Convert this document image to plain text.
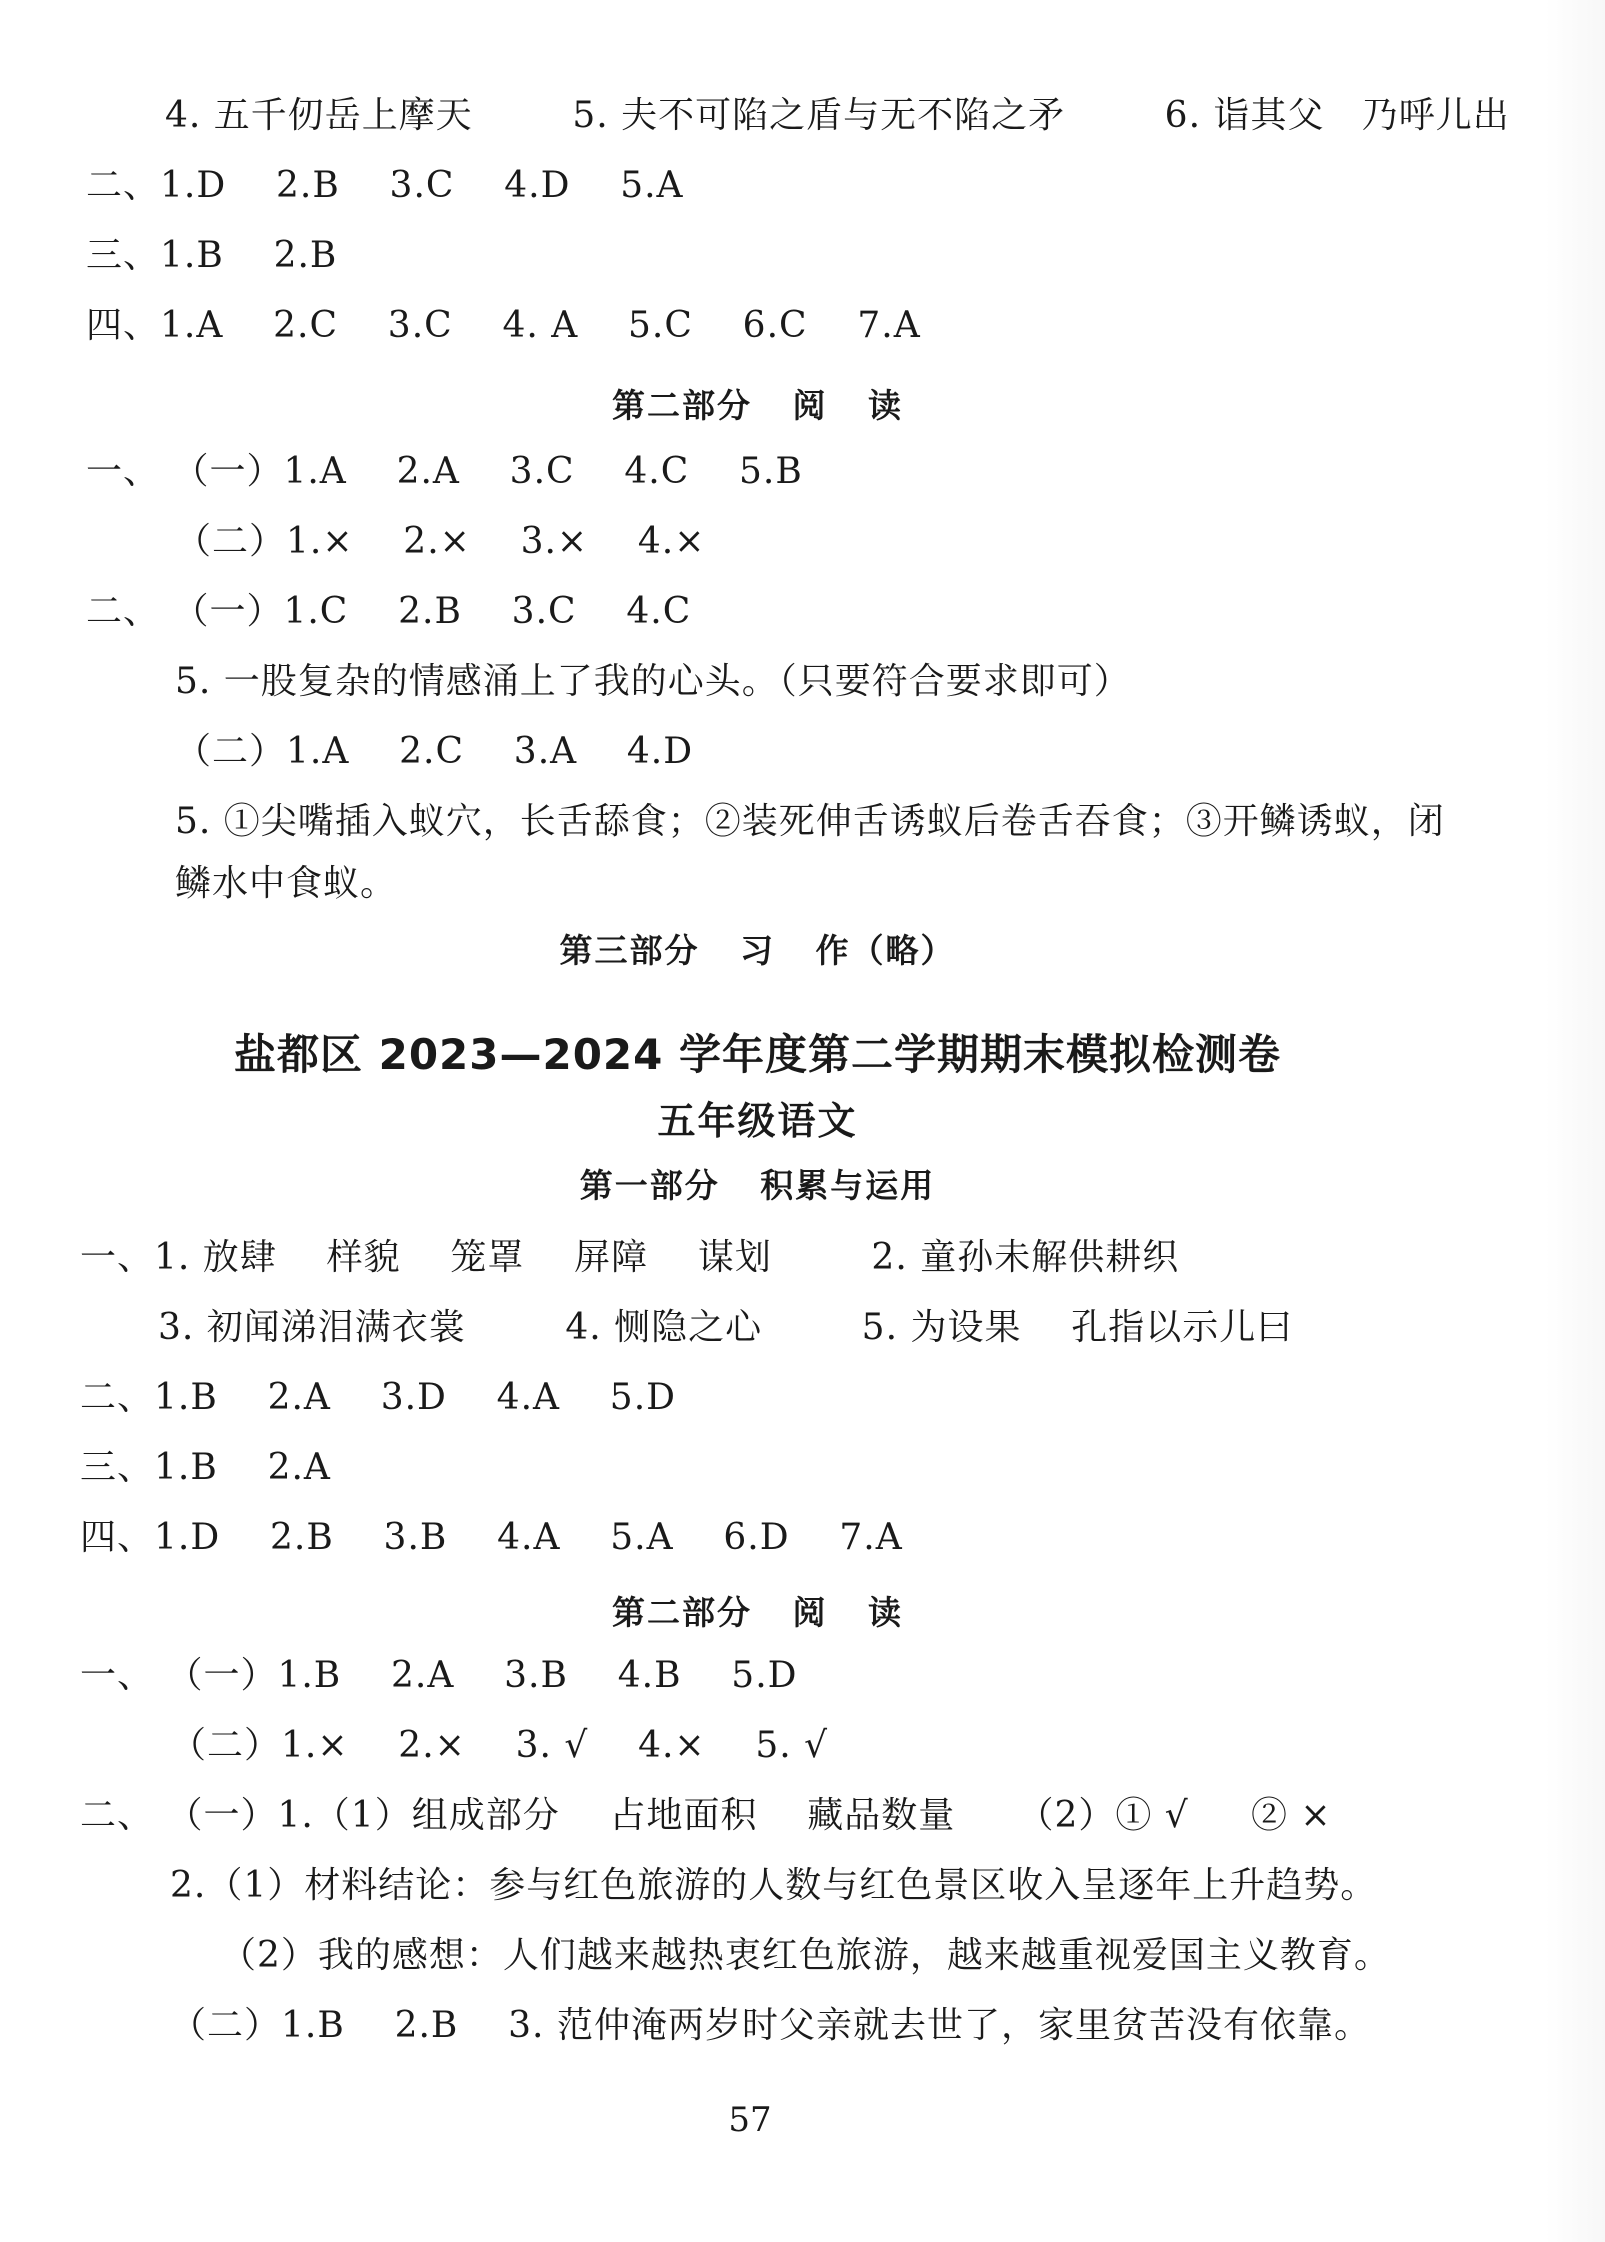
4. 五千仞岳上摩天        5. 夫不可陷之盾与无不陷之矛        6. 诣其父   乃呼儿出
二、1.D    2.B    3.C    4.D    5.A
三、1.B    2.B
四、1.A    2.C    3.C    4. A    5.C    6.C    7.A
第二部分   阅   读
一、 （一）1.A    2.A    3.C    4.C    5.B
（二）1.×    2.×    3.×    4.×
二、 （一）1.C    2.B    3.C    4.C
5. 一股复杂的情感涌上了我的心头。（只要符合要求即可）
（二）1.A    2.C    3.A    4.D
5. ①尖嘴插入蚁穴，长舌舔食；②装死伸舌诱蚁后卷舌吞食；③开鳞诱蚁，闭
鳞水中食蚁。
第三部分   习   作（略）
盐都区 2023—2024 学年度第二学期期末模拟检测卷
五年级语文
第一部分   积累与运用
一、1. 放肆    样貌    笼罩    屏障    谋划        2. 童孙未解供耕织
3. 初闻涕泪满衣裳        4. 恻隐之心        5. 为设果    孔指以示儿曰
二、1.B    2.A    3.D    4.A    5.D
三、1.B    2.A
四、1.D    2.B    3.B    4.A    5.A    6.D    7.A
第二部分   阅   读
一、 （一）1.B    2.A    3.B    4.B    5.D
（二）1.×    2.×    3. √    4.×    5. √
二、 （一）1.（1）组成部分    占地面积    藏品数量     （2）① √     ② ×
2.（1）材料结论：参与红色旅游的人数与红色景区收入呈逐年上升趋势。
（2）我的感想：人们越来越热衷红色旅游，越来越重视爱国主义教育。
（二）1.B    2.B    3. 范仲淹两岁时父亲就去世了，家里贫苦没有依靠。
57
